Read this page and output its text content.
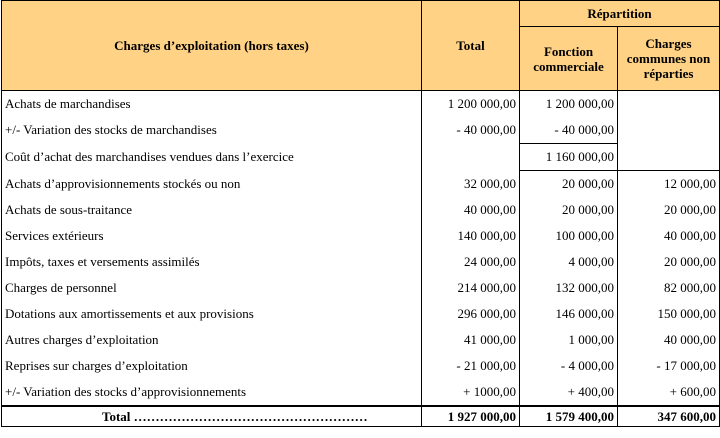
Charges d’exploitation (hors taxes)	Total	Répartition	
		Fonction commerciale	Charges communes non réparties
Achats de marchandises	1 200 000,00	1 200 000,00	
+/- Variation des stocks de marchandises	- 40 000,00	- 40 000,00	
Coût d’achat des marchandises vendues dans l’exercice		1 160 000,00	
Achats d’approvisionnements stockés ou non	32 000,00	20 000,00	12 000,00
Achats de sous-traitance	40 000,00	20 000,00	20 000,00
Services extérieurs	140 000,00	100 000,00	40 000,00
Impôts, taxes et versements assimilés	24 000,00	4 000,00	20 000,00
Charges de personnel	214 000,00	132 000,00	82 000,00
Dotations aux amortissements et aux provisions	296 000,00	146 000,00	150 000,00
Autres charges d’exploitation	41 000,00	1 000,00	40 000,00
Reprises sur charges d’exploitation	- 21 000,00	- 4 000,00	- 17 000,00
+/- Variation des stocks d’approvisionnements	+ 1000,00	+ 400,00	+ 600,00
Total ………………………………………………	1 927 000,00	1 579 400,00	347 600,00
